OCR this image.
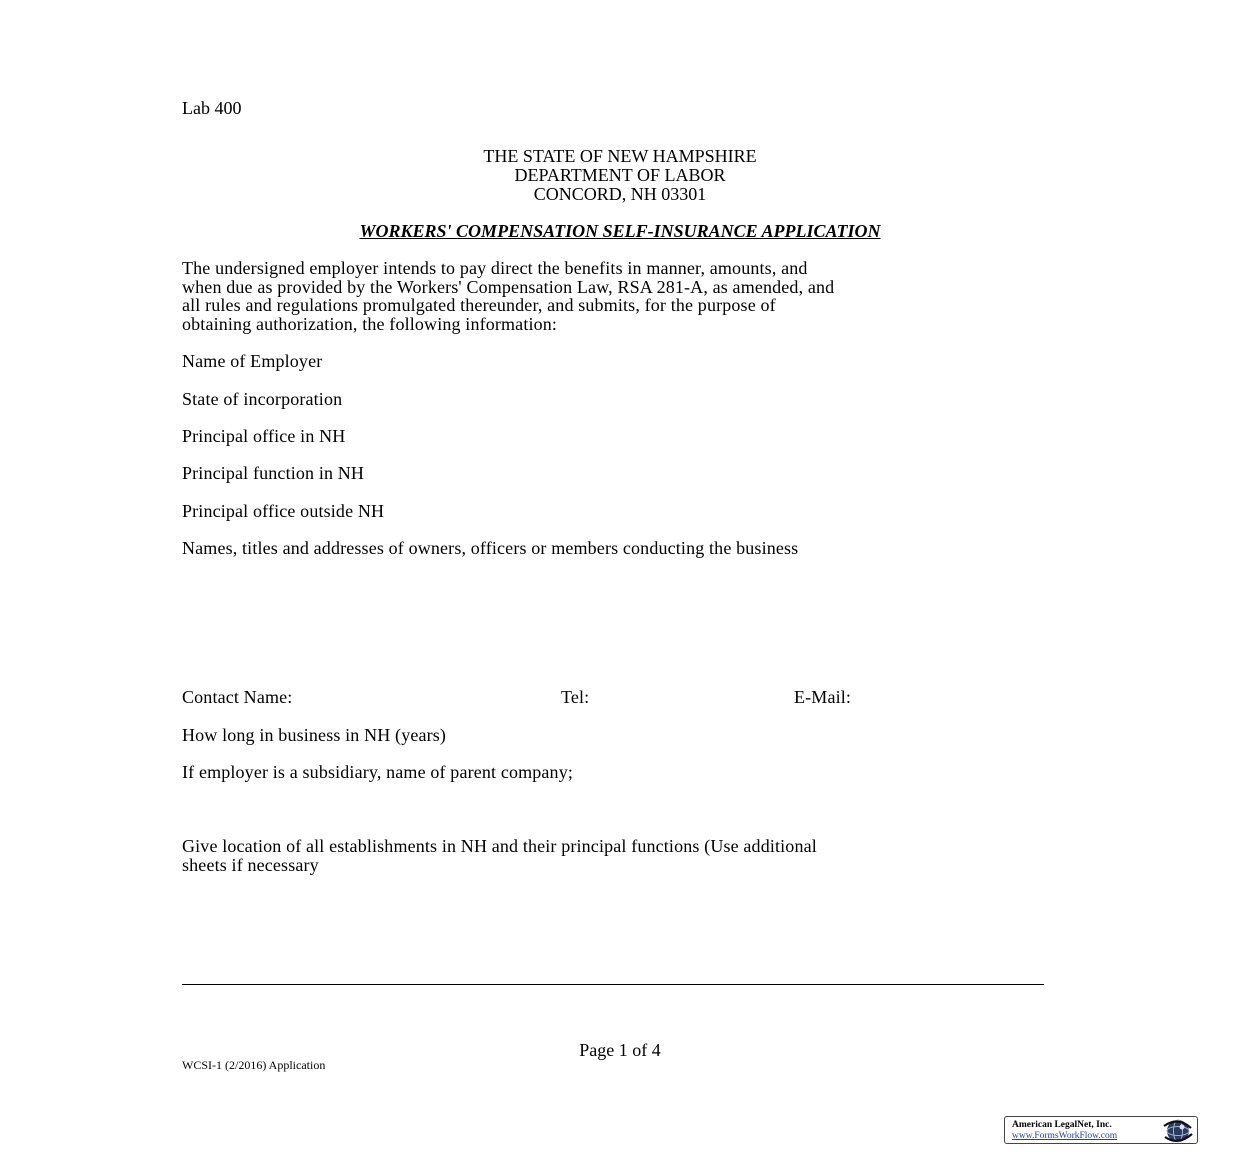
Lab 400
THE STATE OF NEW HAMPSHIRE
DEPARTMENT OF LABOR
CONCORD, NH 03301
WORKERS' COMPENSATION SELF-INSURANCE APPLICATION
The undersigned employer intends to pay direct the benefits in manner, amounts, and
when due as provided by the Workers' Compensation Law, RSA 281-A, as amended, and
all rules and regulations promulgated thereunder, and submits, for the purpose of
obtaining authorization, the following information:
Name of Employer
State of incorporation
Principal office in NH
Principal function in NH
Principal office outside NH
Names, titles and addresses of owners, officers or members conducting the business
Contact Name:	Tel:	E-Mail:
How long in business in NH (years)
If employer is a subsidiary, name of parent company;
Give location of all establishments in NH and their principal functions (Use additional
sheets if necessary
Page 1 of 4
WCSI-1 (2/2016) Application
American LegalNet, Inc.
www.FormsWorkFlow.com
